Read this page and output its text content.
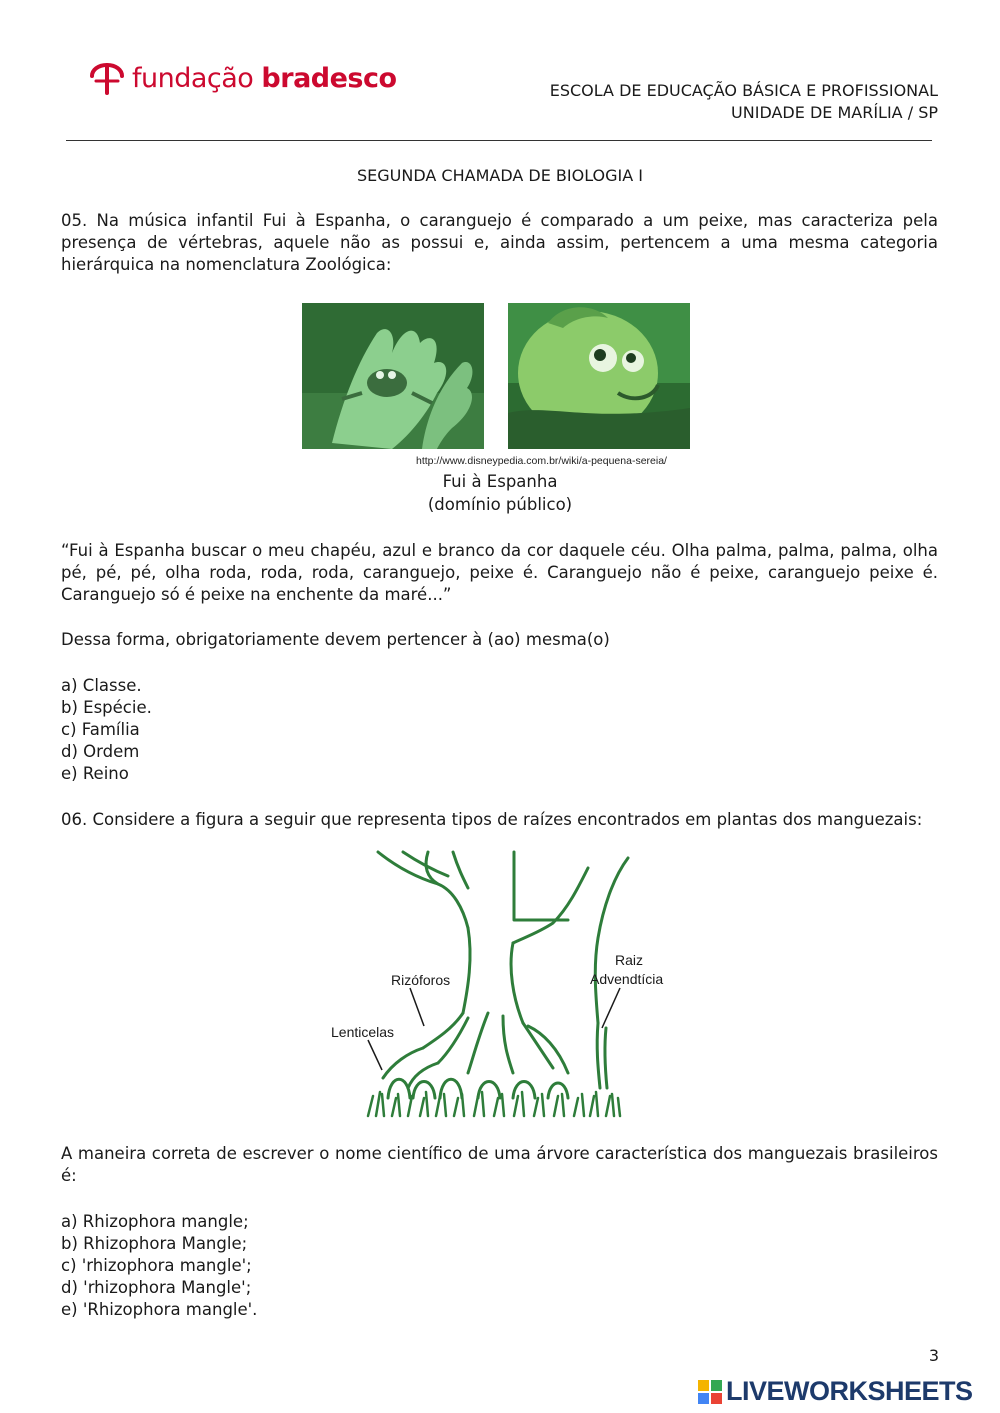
fundação bradesco	ESCOLA DE EDUCAÇÃO BÁSICA E PROFISSIONAL
UNIDADE DE MARÍLIA / SP
SEGUNDA CHAMADA DE BIOLOGIA I
05. Na música infantil Fui à Espanha, o caranguejo é comparado a um peixe, mas caracteriza pela presença de vértebras, aquele não as possui e, ainda assim, pertencem a uma mesma categoria hierárquica na nomenclatura Zoológica:
http://www.disneypedia.com.br/wiki/a-pequena-sereia/
Fui à Espanha
(domínio público)
“Fui à Espanha buscar o meu chapéu, azul e branco da cor daquele céu. Olha palma, palma, palma, olha pé, pé, pé, olha roda, roda, roda, caranguejo, peixe é. Caranguejo não é peixe, caranguejo peixe é. Caranguejo só é peixe na enchente da maré...”
Dessa forma, obrigatoriamente devem pertencer à (ao) mesma(o)
a) Classe.
b) Espécie.
c) Família
d) Ordem
e) Reino
06. Considere a figura a seguir que representa tipos de raízes encontrados em plantas dos manguezais:
Rizóforos
Lenticelas
Raiz
Advendtícia
A maneira correta de escrever o nome científico de uma árvore característica dos manguezais brasileiros é:
a) Rhizophora mangle;
b) Rhizophora Mangle;
c) 'rhizophora mangle';
d) 'rhizophora Mangle';
e) 'Rhizophora mangle'.
3
LIVEWORKSHEETS
